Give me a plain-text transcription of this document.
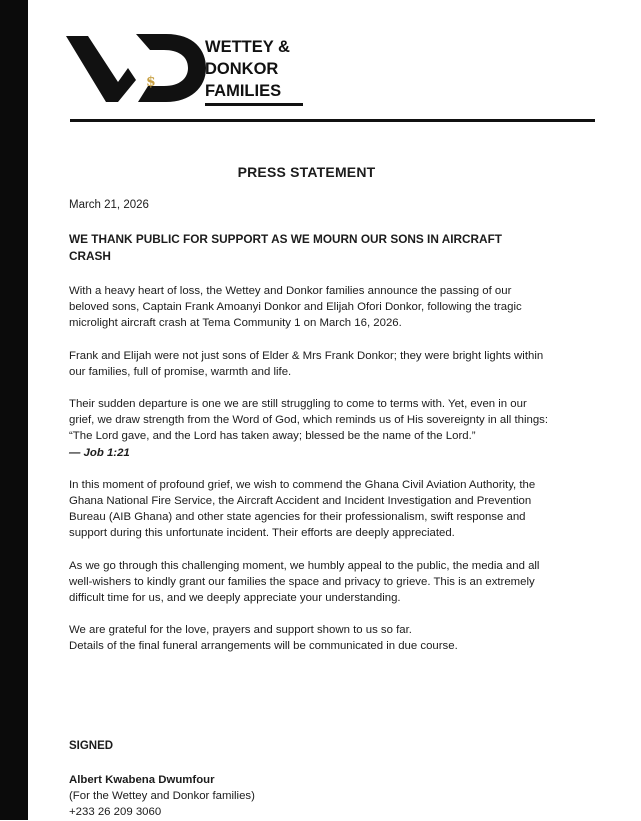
$
WETTEY &
DONKOR
FAMILIES
PRESS STATEMENT
March 21, 2026
WE THANK PUBLIC FOR SUPPORT AS WE MOURN OUR SONS IN AIRCRAFT CRASH

With a heavy heart of loss, the Wettey and Donkor families announce the passing of our beloved sons, Captain Frank Amoanyi Donkor and Elijah Ofori Donkor, following the tragic microlight aircraft crash at Tema Community 1 on March 16, 2026.

Frank and Elijah were not just sons of Elder & Mrs Frank Donkor; they were bright lights within our families, full of promise, warmth and life.

Their sudden departure is one we are still struggling to come to terms with. Yet, even in our grief, we draw strength from the Word of God, which reminds us of His sovereignty in all things:
“The Lord gave, and the Lord has taken away; blessed be the name of the Lord.”
— Job 1:21

In this moment of profound grief, we wish to commend the Ghana Civil Aviation Authority, the Ghana National Fire Service, the Aircraft Accident and Incident Investigation and Prevention Bureau (AIB Ghana) and other state agencies for their professionalism, swift response and support during this unfortunate incident. Their efforts are deeply appreciated.

As we go through this challenging moment, we humbly appeal to the public, the media and all well-wishers to kindly grant our families the space and privacy to grieve. This is an extremely difficult time for us, and we deeply appreciate your understanding.

We are grateful for the love, prayers and support shown to us so far.
Details of the final funeral arrangements will be communicated in due course.

SIGNED
Albert Kwabena Dwumfour
(For the Wettey and Donkor families)
+233 26 209 3060
